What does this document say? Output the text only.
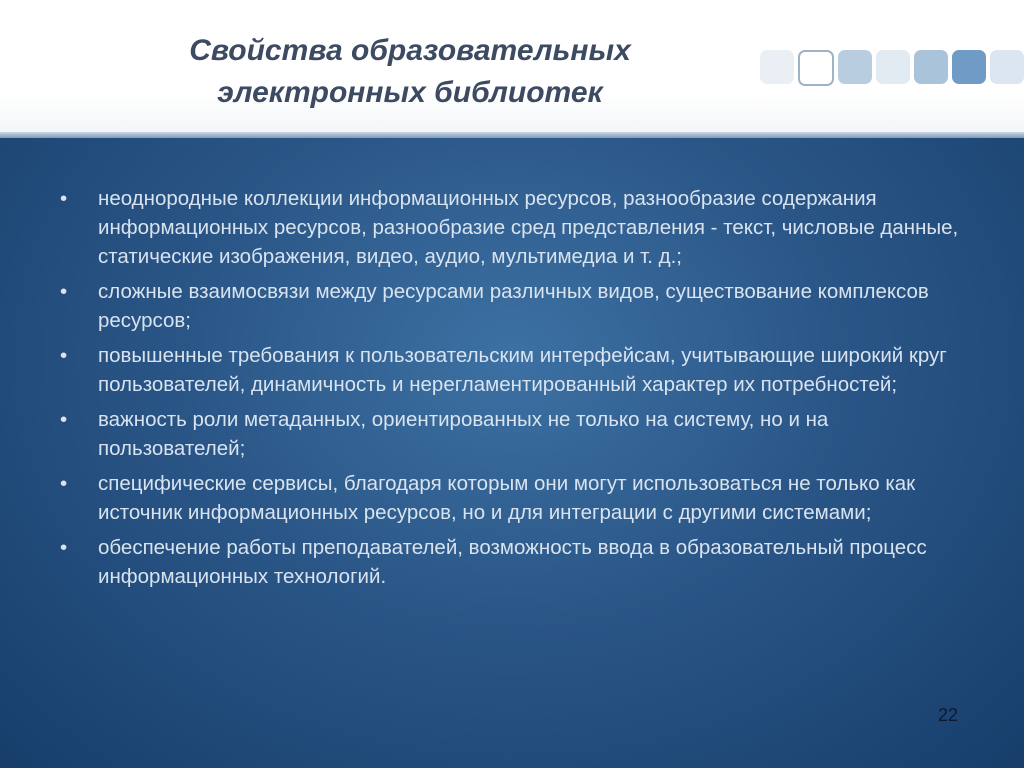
Свойства образовательных
электронных библиотек
• неоднородные коллекции информационных ресурсов, разнообразие содержания информационных ресурсов, разнообразие сред представления - текст, числовые данные, статические изображения, видео, аудио, мультимедиа и т. д.;
• сложные взаимосвязи между ресурсами различных видов, существование комплексов ресурсов;
• повышенные требования к пользовательским интерфейсам, учитывающие широкий круг пользователей, динамичность и нерегламентированный характер их потребностей;
• важность роли метаданных, ориентированных не только на систему, но и на пользователей;
• специфические сервисы, благодаря которым они могут использоваться не только как источник информационных ресурсов, но и для интеграции с другими системами;
• обеспечение работы преподавателей, возможность ввода в образовательный процесс информационных технологий.
22
